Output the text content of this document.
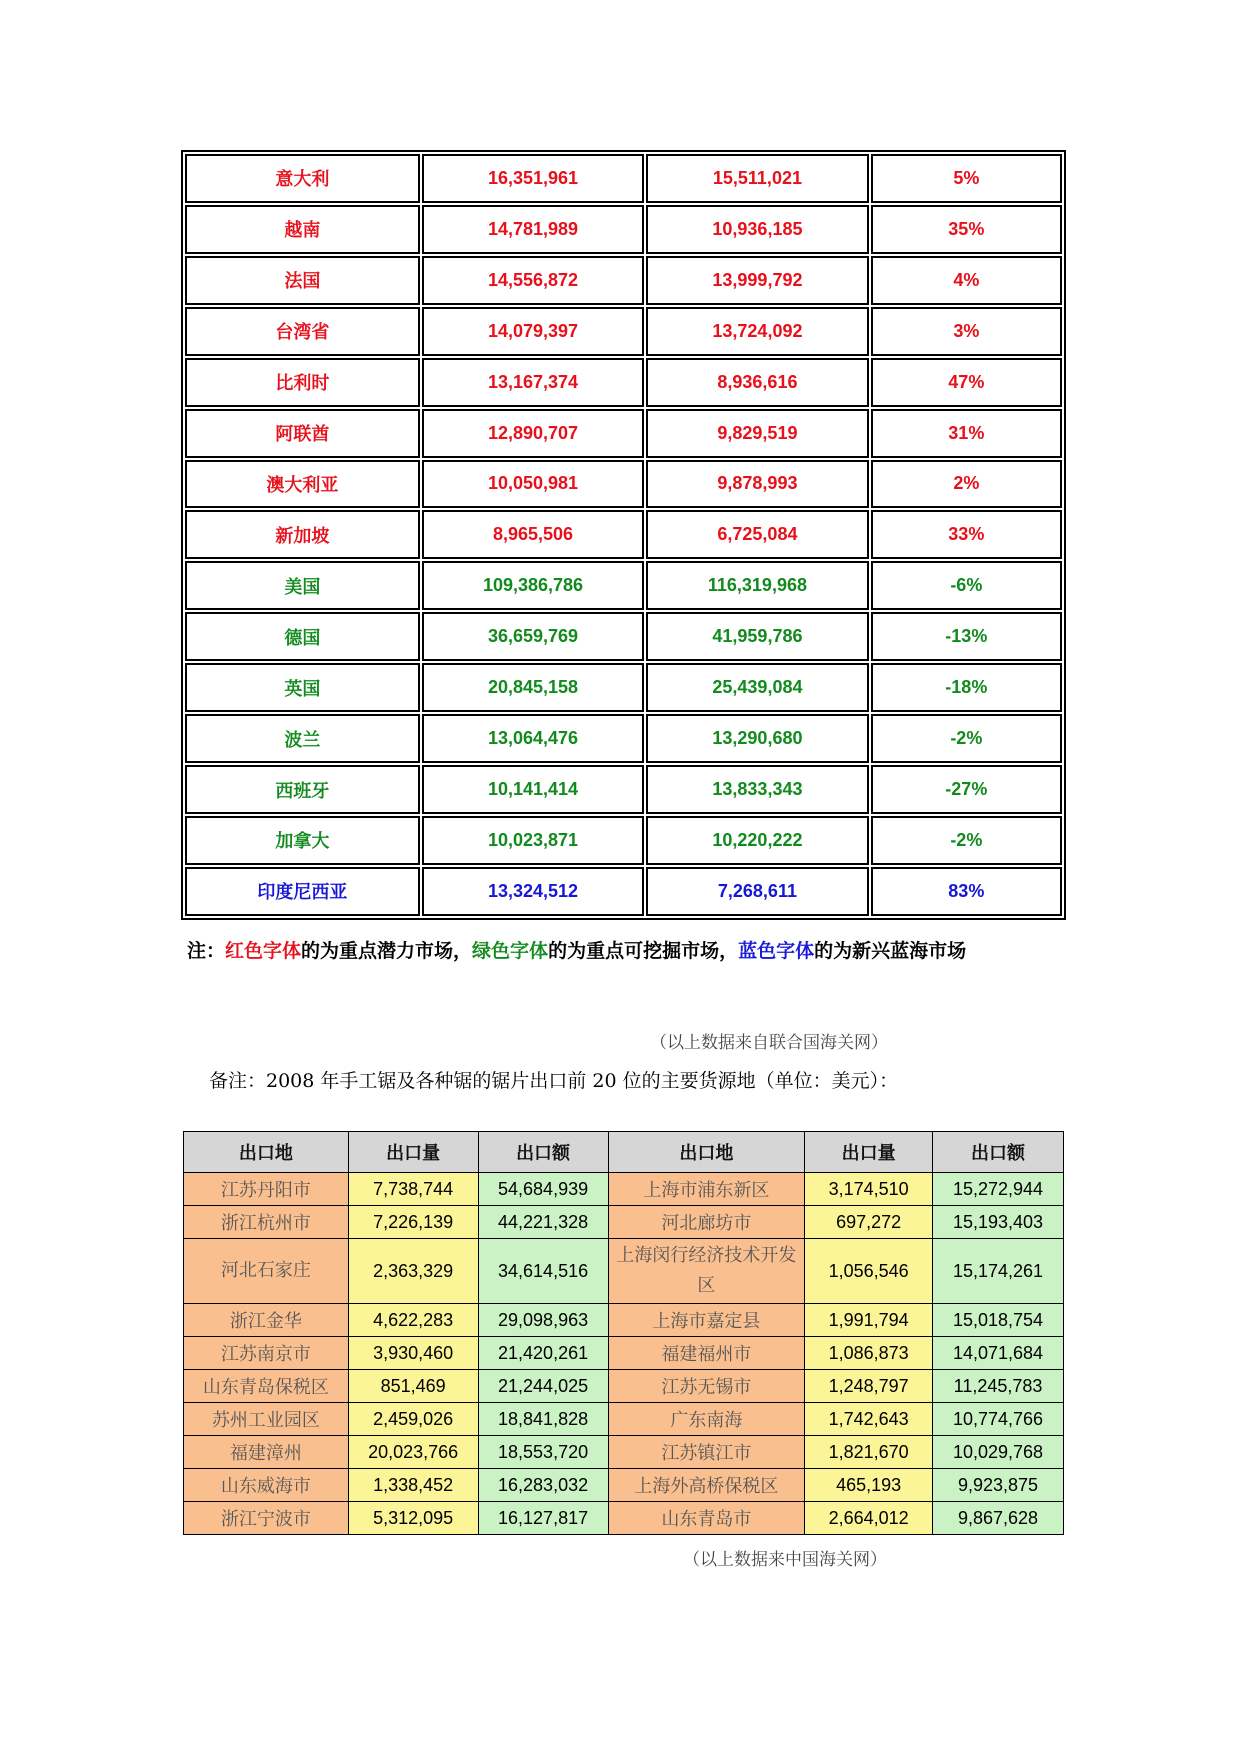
意大利	16,351,961	15,511,021	5%
越南	14,781,989	10,936,185	35%
法国	14,556,872	13,999,792	4%
台湾省	14,079,397	13,724,092	3%
比利时	13,167,374	8,936,616	47%
阿联酋	12,890,707	9,829,519	31%
澳大利亚	10,050,981	9,878,993	2%
新加坡	8,965,506	6,725,084	33%
美国	109,386,786	116,319,968	-6%
德国	36,659,769	41,959,786	-13%
英国	20,845,158	25,439,084	-18%
波兰	13,064,476	13,290,680	-2%
西班牙	10,141,414	13,833,343	-27%
加拿大	10,023,871	10,220,222	-2%
印度尼西亚	13,324,512	7,268,611	83%
注：红色字体的为重点潜力市场，绿色字体的为重点可挖掘市场，蓝色字体的为新兴蓝海市场
（以上数据来自联合国海关网）
备注：2008 年手工锯及各种锯的锯片出口前 20 位的主要货源地（单位：美元）：
出口地	出口量	出口额	出口地	出口量	出口额
江苏丹阳市	7,738,744	54,684,939	上海市浦东新区	3,174,510	15,272,944
浙江杭州市	7,226,139	44,221,328	河北廊坊市	697,272	15,193,403
河北石家庄	2,363,329	34,614,516	上海闵行经济技术开发区	1,056,546	15,174,261
浙江金华	4,622,283	29,098,963	上海市嘉定县	1,991,794	15,018,754
江苏南京市	3,930,460	21,420,261	福建福州市	1,086,873	14,071,684
山东青岛保税区	851,469	21,244,025	江苏无锡市	1,248,797	11,245,783
苏州工业园区	2,459,026	18,841,828	广东南海	1,742,643	10,774,766
福建漳州	20,023,766	18,553,720	江苏镇江市	1,821,670	10,029,768
山东威海市	1,338,452	16,283,032	上海外高桥保税区	465,193	9,923,875
浙江宁波市	5,312,095	16,127,817	山东青岛市	2,664,012	9,867,628
（以上数据来中国海关网）
